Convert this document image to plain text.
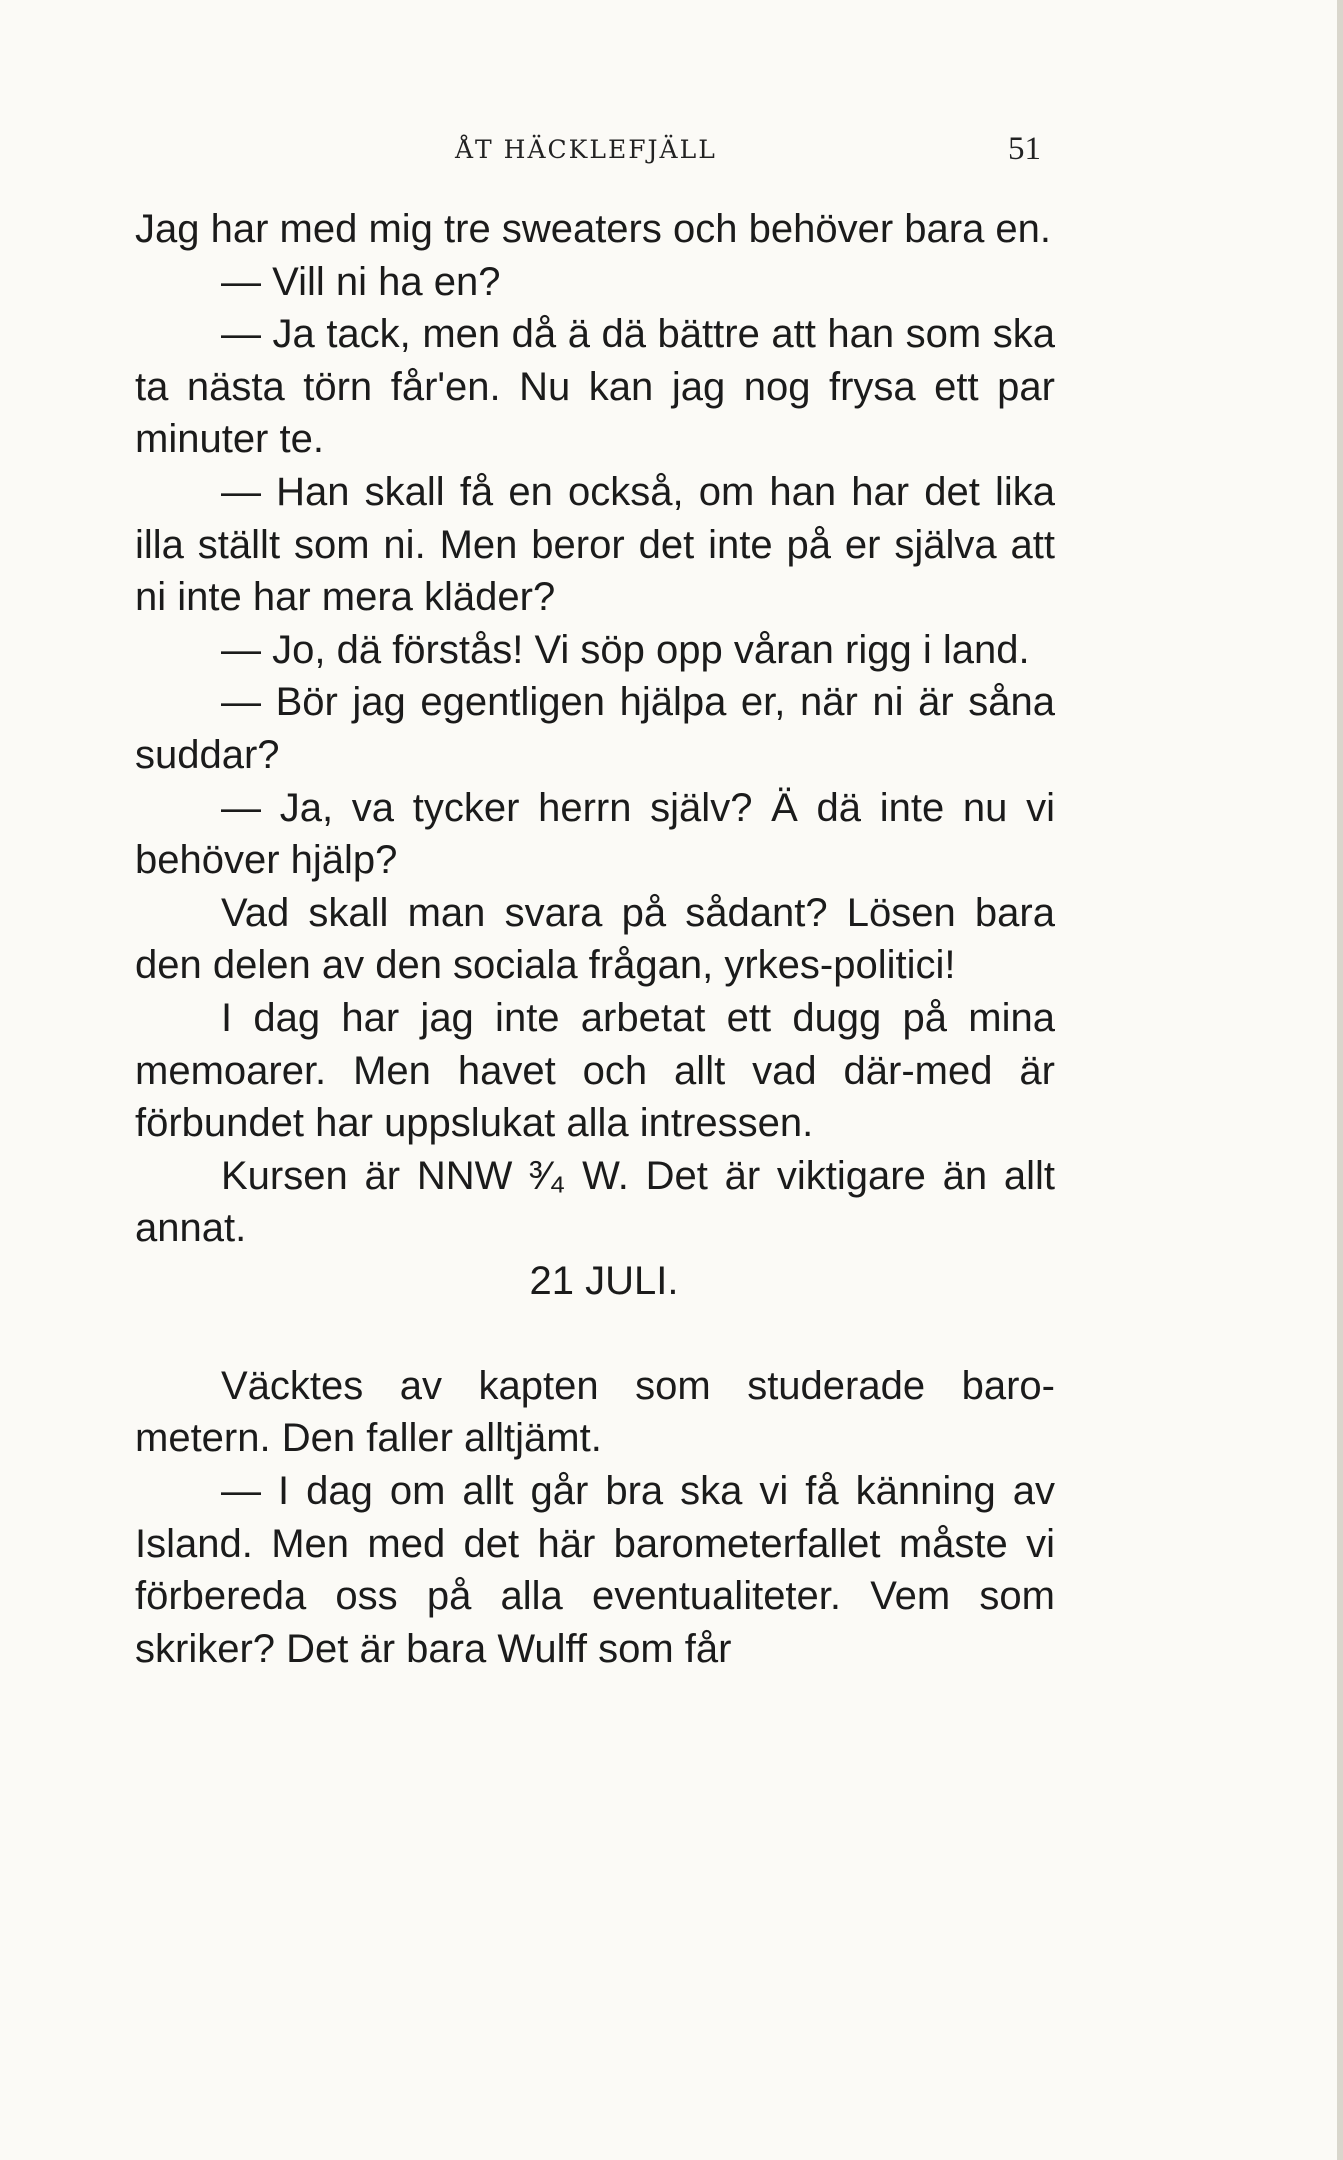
ÅT HÄCKLEFJÄLL	51

Jag har med mig tre sweaters och behöver bara en.

— Vill ni ha en?

— Ja tack, men då ä dä bättre att han som ska ta nästa törn får'en. Nu kan jag nog frysa ett par minuter te.

— Han skall få en också, om han har det lika illa ställt som ni. Men beror det inte på er själva att ni inte har mera kläder?

— Jo, dä förstås! Vi söp opp våran rigg i land.

— Bör jag egentligen hjälpa er, när ni är såna suddar?

— Ja, va tycker herrn själv? Ä dä inte nu vi behöver hjälp?

Vad skall man svara på sådant? Lösen bara den delen av den sociala frågan, yrkes-politici!

I dag har jag inte arbetat ett dugg på mina memoarer. Men havet och allt vad där-med är förbundet har uppslukat alla intressen.

Kursen är NNW ³⁄₄ W. Det är viktigare än allt annat.

21 JULI.

Väcktes av kapten som studerade baro-metern. Den faller alltjämt.

— I dag om allt går bra ska vi få känning av Island. Men med det här barometerfallet måste vi förbereda oss på alla eventualiteter. Vem som skriker? Det är bara Wulff som får
